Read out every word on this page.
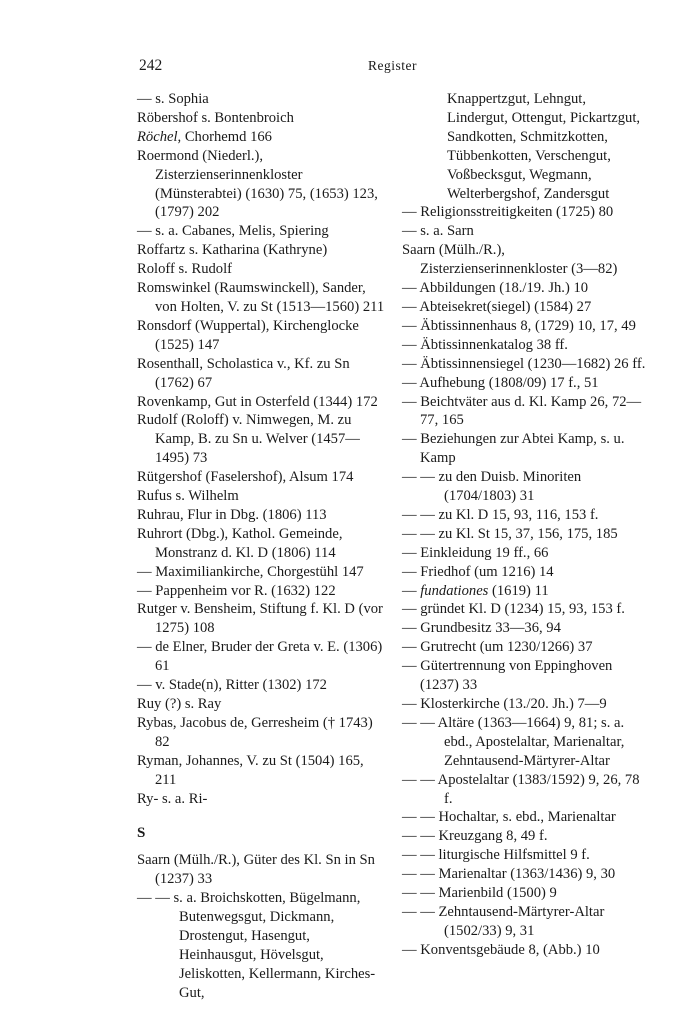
242	Register
— s. Sophia
Röbershof s. Bontenbroich
Röchel, Chorhemd 166
Roermond (Niederl.), Zisterzienserinnenkloster (Münsterabtei) (1630) 75, (1653) 123, (1797) 202
— s. a. Cabanes, Melis, Spiering
Roffartz s. Katharina (Kathryne)
Roloff s. Rudolf
Romswinkel (Raumswinckell), Sander, von Holten, V. zu St (1513—1560) 211
Ronsdorf (Wuppertal), Kirchenglocke (1525) 147
Rosenthall, Scholastica v., Kf. zu Sn (1762) 67
Rovenkamp, Gut in Osterfeld (1344) 172
Rudolf (Roloff) v. Nimwegen, M. zu Kamp, B. zu Sn u. Welver (1457—1495) 73
Rütgershof (Faselershof), Alsum 174
Rufus s. Wilhelm
Ruhrau, Flur in Dbg. (1806) 113
Ruhrort (Dbg.), Kathol. Gemeinde, Monstranz d. Kl. D (1806) 114
— Maximiliankirche, Chorgestühl 147
— Pappenheim vor R. (1632) 122
Rutger v. Bensheim, Stiftung f. Kl. D (vor 1275) 108
— de Elner, Bruder der Greta v. E. (1306) 61
— v. Stade(n), Ritter (1302) 172
Ruy (?) s. Ray
Rybas, Jacobus de, Gerresheim († 1743) 82
Ryman, Johannes, V. zu St (1504) 165, 211
Ry- s. a. Ri-
S
Saarn (Mülh./R.), Güter des Kl. Sn in Sn (1237) 33
— — s. a. Broichskotten, Bügelmann, Butenwegsgut, Dickmann, Drostengut, Hasengut, Heinhausgut, Hövelsgut, Jeliskotten, Kellermann, Kirches-Gut,
Knappertzgut, Lehngut, Lindergut, Ottengut, Pickartzgut, Sandkotten, Schmitzkotten, Tübbenkotten, Verschengut, Voßbecksgut, Wegmann, Welterbergshof, Zandersgut
— Religionsstreitigkeiten (1725) 80
— s. a. Sarn
Saarn (Mülh./R.), Zisterzienserinnenkloster (3—82)
— Abbildungen (18./19. Jh.) 10
— Abteisekret(siegel) (1584) 27
— Äbtissinnenhaus 8, (1729) 10, 17, 49
— Äbtissinnenkatalog 38 ff.
— Äbtissinnensiegel (1230—1682) 26 ff.
— Aufhebung (1808/09) 17 f., 51
— Beichtväter aus d. Kl. Kamp 26, 72—77, 165
— Beziehungen zur Abtei Kamp, s. u. Kamp
— — zu den Duisb. Minoriten (1704/1803) 31
— — zu Kl. D 15, 93, 116, 153 f.
— — zu Kl. St 15, 37, 156, 175, 185
— Einkleidung 19 ff., 66
— Friedhof (um 1216) 14
— fundationes (1619) 11
— gründet Kl. D (1234) 15, 93, 153 f.
— Grundbesitz 33—36, 94
— Grutrecht (um 1230/1266) 37
— Gütertrennung von Eppinghoven (1237) 33
— Klosterkirche (13./20. Jh.) 7—9
— — Altäre (1363—1664) 9, 81; s. a. ebd., Apostelaltar, Marienaltar, Zehntausend-Märtyrer-Altar
— — Apostelaltar (1383/1592) 9, 26, 78 f.
— — Hochaltar, s. ebd., Marienaltar
— — Kreuzgang 8, 49 f.
— — liturgische Hilfsmittel 9 f.
— — Marienaltar (1363/1436) 9, 30
— — Marienbild (1500) 9
— — Zehntausend-Märtyrer-Altar (1502/33) 9, 31
— Konventsgebäude 8, (Abb.) 10
